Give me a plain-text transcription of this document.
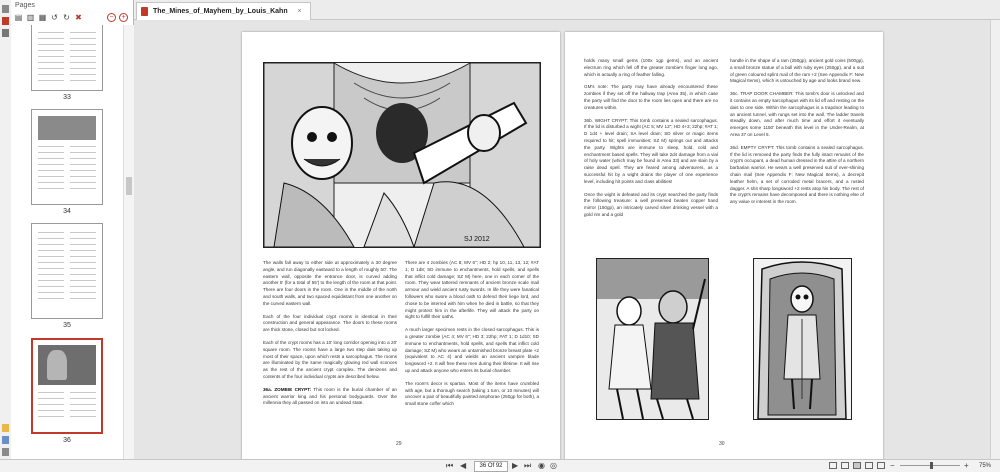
Pages
▤ ▥ ▦ ↺ ↻ ✖	−	+
33
34
35
36
The_Mines_of_Mayhem_by_Louis_Kahn ×
SJ 2012

The walls fall away to either side at approximately a 30 degree angle, and run diagonally eastward to a length of roughly 50'. The eastern wall, opposite the entrance door, is curved adding another 5' (for a total of 55') to the length of the room at that point. There are four doors in the room. One in the middle of the north and south walls, and two spaced equidistant from one another on the curved eastern wall.

Each of the four individual crypt rooms is identical in their construction and general appearance. The doors to these rooms are thick stone, closed but not locked.

Each of the crypt rooms has a 10' long corridor opening into a 20' square room. The rooms have a large two step dais taking up most of their space, upon which rests a sarcophagus. The rooms are illuminated by the same magically glowing red wall sconces as the rest of the ancient crypt complex. The denizens and contents of the four individual crypts are described below.

36a. ZOMBIE CRYPT: This room is the burial chamber of an ancient warrior king and his personal bodyguards. Over the millennia they all passed on into an undead state.

There are 4 zombies (AC 8; MV 6"; HD 2; hp 10, 11, 13, 12; #AT 1; D 1d8; SD immune to enchantments, hold spells, and spells that inflict cold damage; SZ M) here, one in each corner of the room. They wear tattered remnants of ancient bronze scale mail armour and wield ancient rusty swords. In life they were fanatical followers who swore a blood oath to defend their liege lord, and chose to be interred with him when he died in battle, so that they might protect him in the afterlife. They will attack the party on sight to fulfill their oaths.

A much larger specimen rests in the closed sarcophagus. This is a greater zombie (AC 4; MV 6"; HD 3; 22hp; #AT 1; D 1d10; SD immune to enchantments, hold spells, and spells that inflict cold damage; SZ M) who wears an untarnished bronze breast plate +2 (equivalent to AC 4) and wields an ancient vampire blade longsword +2. It will free these men during their lifetime. It will rise up and attack anyone who enters its burial chamber.

The room's decor is spartan. Most of the items have crumbled with age, but a thorough search (taking 1 turn, or 10 minutes) will uncover a pair of beautifully painted amphorae (250gp for both), a small stone coffer which

29

holds many small gems (100x 1gp gems), and an ancient electrum ring which fell off the greater zombie's finger long ago, which is actually a ring of feather falling.

GM's note: The party may have already encountered these zombies if they set off the hallway trap (Area 35), in which case the party will find the door to the room lies open and there are no creatures within.

36b. WIGHT CRYPT: This tomb contains a sealed sarcophagus. If the lid is disturbed a wight (AC 5; MV 12"; HD 4+3; 22hp; #AT 1; D 1d4 + level drain; SA level drain; SD silver or magic items required to hit; spell immunities; SZ M) springs out and attacks the party. Wights are immune to sleep, hold, cold and enchantment based spells. They will take 2d4 damage from a vial of holy water (which may be found in Area 33) and are slain by a raise dead spell. They are feared among adventurers, as a successful hit by a wight drains the player of one experience level, including hit points and class abilities!

Once the wight is defeated and its crypt searched the party finds the following treasure: a well preserved beaten copper hand mirror (150gp), an intricately carved silver drinking vessel with a gold rim and a gold

handle in the shape of a ram (250gp), ancient gold coins (500gp), a small bronze statue of a bull with ruby eyes (250gp), and a suit of green coloured splint mail of the ram +2 (See Appendix F: New Magical Items), which is untouched by age and looks brand new.

36c. TRAP DOOR CHAMBER: This tomb's door is unlocked and it contains an empty sarcophagus with its lid off and resting on the dais to one side. Within the sarcophagus is a trapdoor leading to an ancient tunnel, with rungs set into the wall. The ladder travels steadily down, and after much time and effort it eventually emerges some 1150' beneath this level in the Under-Realm, at Area 37 on Level 5.

36d. EMPTY CRYPT: This tomb contains a sealed sarcophagus. If the lid is removed the party finds the fully intact remains of the crypt's occupant, a dead human dressed in the attire of a northern barbarian warrior. He wears a well preserved suit of ever-shining chain mail (See Appendix F: New Magical Items), a decrepit leather helm, a set of corroded metal bracers, and a rusted dagger. A shit sharp longsword +2 rests atop his body. The rest of the crypt's remains have decomposed and there is nothing else of any value or interest in the room.

30
⏮ ◀	36 Of 92	▶ ⏭ ◉ ◎	−	+ 75%
